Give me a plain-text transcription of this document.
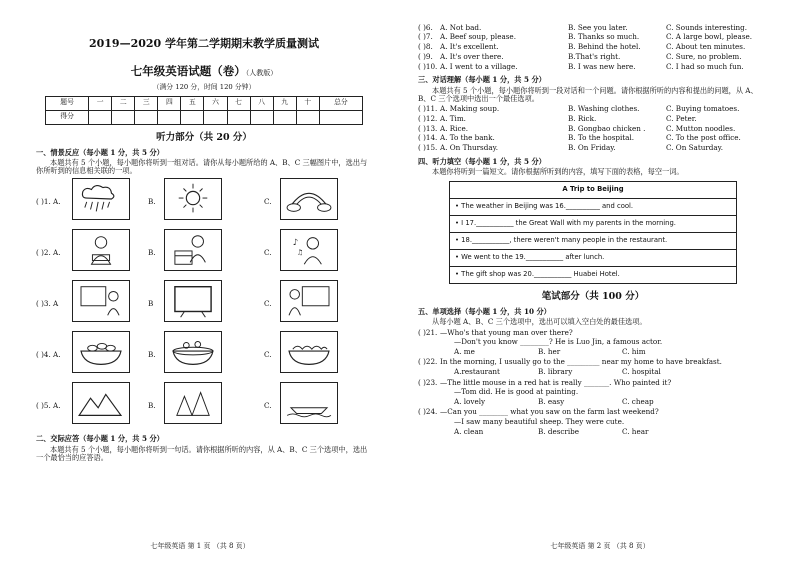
2019—2020 学年第二学期期末教学质量测试
七年级英语试题（卷）（人教版）
（满分 120 分，时间 120 分钟）
题号	一	二	三	四	五	六	七	八	九	十	总分
得分											
听力部分（共 20 分）
一、情景反应（每小题 1 分，共 5 分）
本题共有 5 个小题，每小题你将听到一组对话。请你从每小题所给的 A、B、C 三幅图片中，选出与你所听到的信息相关联的一项。
( )1. A.	B.	C.
( )2. A.	B.	C.
♪
♫
( )3. A	B	C.
( )4. A.	B.	C.
( )5. A.	B.	C.
二、交际应答（每小题 1 分，共 5 分）
本题共有 5 个小题，每小题你将听到一句话。请你根据所听的内容，从 A、B、C 三个选项中，选出一个最恰当的应答语。
七年级英语 第 1 页 （共 8 页）
( )6.	A. Not bad.	B. See you later.	C. Sounds interesting.
( )7.	A. Beef soup, please.	B. Thanks so much.	C. A large bowl, please.
( )8.	A. It's excellent.	B. Behind the hotel.	C. About ten minutes.
( )9.	A. It's over there.	B.That's right.	C. Sure, no problem.
( )10. A. I went to a village.	B. I was new here.	C. I had so much fun.
三、对话理解（每小题 1 分，共 5 分）
本题共有 5 个小题，每小题你将听到一段对话和一个问题。请你根据所听的内容和提出的问题，从 A、B、C 三个选项中选出一个最佳选项。
( )11. A. Making soup.	B. Washing clothes.	C. Buying tomatoes.
( )12. A. Tim.	B. Rick.	C. Peter.
( )13. A. Rice.	B. Gongbao chicken .	C. Mutton noodles.
( )14. A. To the bank.	B. To the hospital.	C. To the post office.
( )15. A. On Thursday.	B. On Friday.	C. On Saturday.
四、听力填空（每小题 1 分，共 5 分）
本题你将听到一篇短文。请你根据所听到的内容，填写下面的表格，每空一词。
A Trip to Beijing
• The weather in Beijing was 16.__________ and cool.
• I 17.___________ the Great Wall with my parents in the morning.
• 18.___________, there weren't many people in the restaurant.
• We went to the 19.___________ after lunch.
• The gift shop was 20.___________ Huabei Hotel.
笔试部分（共 100 分）
五、单项选择（每小题 1 分，共 10 分）
从每小题 A、B、C 三个选项中，选出可以填入空白处的最佳选项。
( )21. —Who's that young man over there?
—Don't you know ________? He is Luo Jin, a famous actor.
A. me	B. her	C. him
( )22. In the morning, I usually go to the _________ near my home to have breakfast.
A.restaurant	B. library	C. hospital
( )23. —The little mouse in a red hat is really _______. Who painted it?
—Tom did. He is good at painting.
A. lovely	B. easy	C. cheap
( )24. —Can you ________ what you saw on the farm last weekend?
—I saw many beautiful sheep. They were cute.
A. clean	B. describe	C. hear
七年级英语 第 2 页 （共 8 页）
